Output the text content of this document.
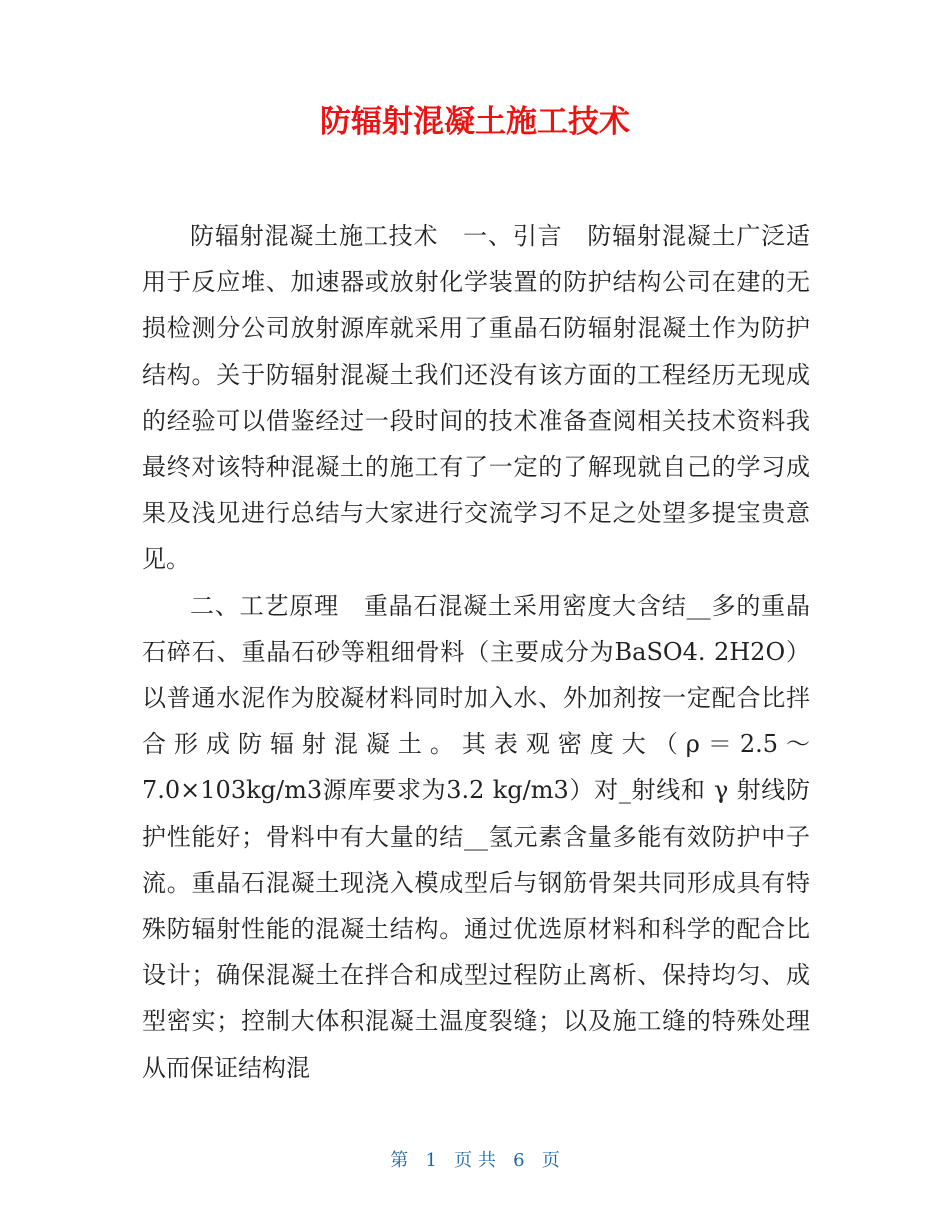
防辐射混凝土施工技术

防辐射混凝土施工技术　一、引言　防辐射混凝土广泛适用于反应堆、加速器或放射化学装置的防护结构公司在建的无损检测分公司放射源库就采用了重晶石防辐射混凝土作为防护结构。关于防辐射混凝土我们还没有该方面的工程经历无现成的经验可以借鉴经过一段时间的技术准备查阅相关技术资料我最终对该特种混凝土的施工有了一定的了解现就自己的学习成果及浅见进行总结与大家进行交流学习不足之处望多提宝贵意见。

二、工艺原理　重晶石混凝土采用密度大含结__多的重晶石碎石、重晶石砂等粗细骨料（主要成分为BaSO4. 2H2O）以普通水泥作为胶凝材料同时加入水、外加剂按一定配合比拌合形成防辐射混凝土。其表观密度大（ρ＝2.5～7.0×103kg/m3源库要求为3.2 kg/m3）对_射线和 γ 射线防护性能好；骨料中有大量的结__氢元素含量多能有效防护中子流。重晶石混凝土现浇入模成型后与钢筋骨架共同形成具有特殊防辐射性能的混凝土结构。通过优选原材料和科学的配合比设计；确保混凝土在拌合和成型过程防止离析、保持均匀、成型密实；控制大体积混凝土温度裂缝；以及施工缝的特殊处理从而保证结构混

第 1 页 共 6 页
